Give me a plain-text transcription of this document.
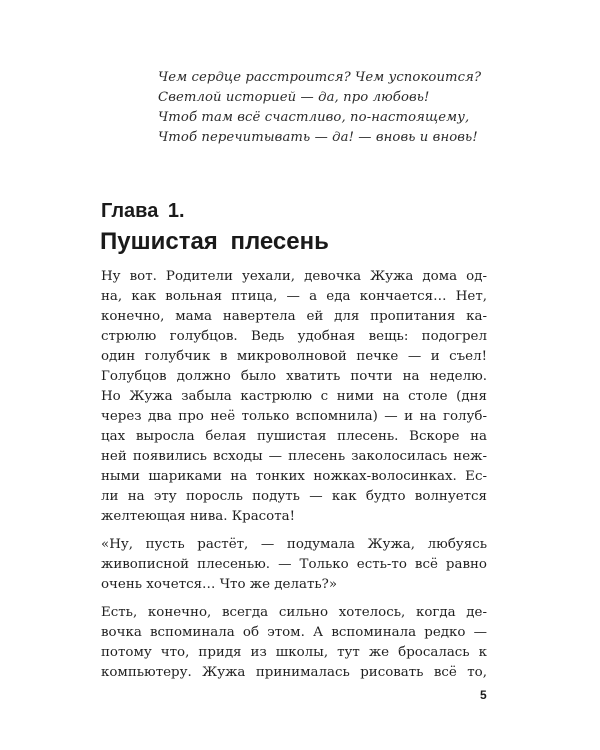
Чем сердце расстроится? Чем успокоится?
Светлой историей — да, про любовь!
Чтоб там всё счастливо, по-настоящему,
Чтоб перечитывать — да! — вновь и вновь!
Глава 1.
Пушистая плесень
Ну вот. Родители уехали, девочка Жужа дома од-
на, как вольная птица, — а еда кончается… Нет,
конечно, мама навертела ей для пропитания ка-
стрюлю голубцов. Ведь удобная вещь: подогрел
один голубчик в микроволновой печке — и съел!
Голубцов должно было хватить почти на неделю.
Но Жужа забыла кастрюлю с ними на столе (дня
через два про неё только вспомнила) — и на голуб-
цах выросла белая пушистая плесень. Вскоре на
ней появились всходы — плесень заколосилась неж-
ными шариками на тонких ножках-волосинках. Ес-
ли на эту поросль подуть — как будто волнуется
желтеющая нива. Красота!
«Ну, пусть растёт, — подумала Жужа, любуясь
живописной плесенью. — Только есть-то всё равно
очень хочется… Что же делать?»
Есть, конечно, всегда сильно хотелось, когда де-
вочка вспоминала об этом. А вспоминала редко —
потому что, придя из школы, тут же бросалась к
компьютеру. Жужа принималась рисовать всё то,
5
